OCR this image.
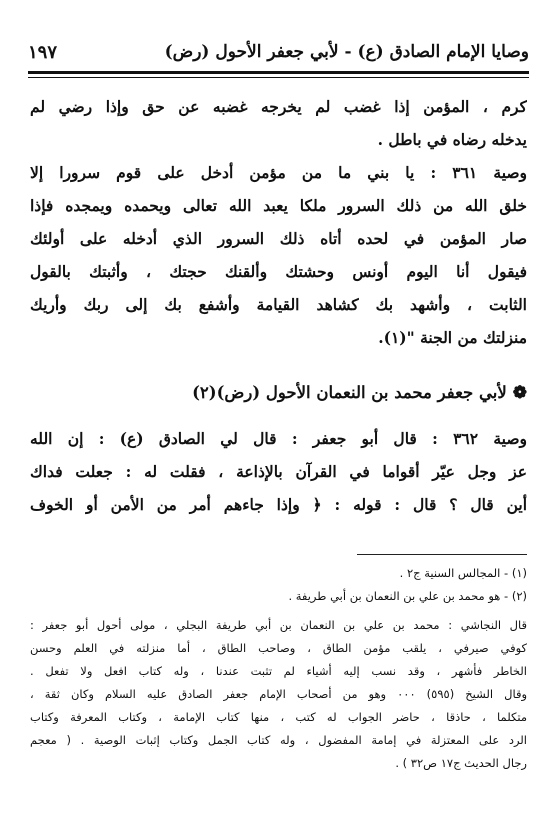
وصايا الإمام الصادق (ع) - لأبي جعفر الأحول (رض)
١٩٧
كرم ، المؤمن إذا غضب لم يخرجه غضبه عن حق وإذا رضي لم
يدخله رضاه في باطل .
وصية ٣٦١ : يا بني ما من مؤمن أدخل على قوم سرورا إلا
خلق الله من ذلك السرور ملكا يعبد الله تعالى ويحمده ويمجده فإذا
صار المؤمن في لحده أتاه ذلك السرور الذي أدخله على أولئك
فيقول أنا اليوم أونس وحشتك وألقنك حجتك ، وأثبتك بالقول
الثابت ، وأشهد بك كشاهد القيامة وأشفع بك إلى ربك وأريك
منزلتك من الجنة "(١).
❁لأبي جعفر محمد بن النعمان الأحول (رض)(٢)
وصية ٣٦٢ : قال أبو جعفر : قال لي الصادق (ع) : إن الله
عز وجل عيّر أقواما في القرآن بالإذاعة ، فقلت له : جعلت فداك
أين قال ؟ قال : قوله : ﴿ وإذا جاءهم أمر من الأمن أو الخوف
(١) - المجالس السنية ج٢ .
(٢) - هو محمد بن علي بن النعمان بن أبي طريفة .
قال النجاشي : محمد بن علي بن النعمان بن أبي طريفة البجلي ، مولى أحول أبو جعفر :
كوفي صيرفي ، يلقب مؤمن الطاق ، وصاحب الطاق ، أما منزلته في العلم وحسن
الخاطر فأشهر ، وقد نسب إليه أشياء لم تثبت عندنا ، وله كتاب افعل ولا تفعل .
وقال الشيخ (٥٩٥) ٠٠٠ وهو من أصحاب الإمام جعفر الصادق عليه السلام وكان ثقة ،
متكلما ، حاذقا ، حاضر الجواب له كتب ، منها كتاب الإمامة ، وكتاب المعرفة وكتاب
الرد على المعتزلة في إمامة المفضول ، وله كتاب الجمل وكتاب إثبات الوصية . ( معجم
رجال الحديث ج١٧ ص٣٢ ) .
